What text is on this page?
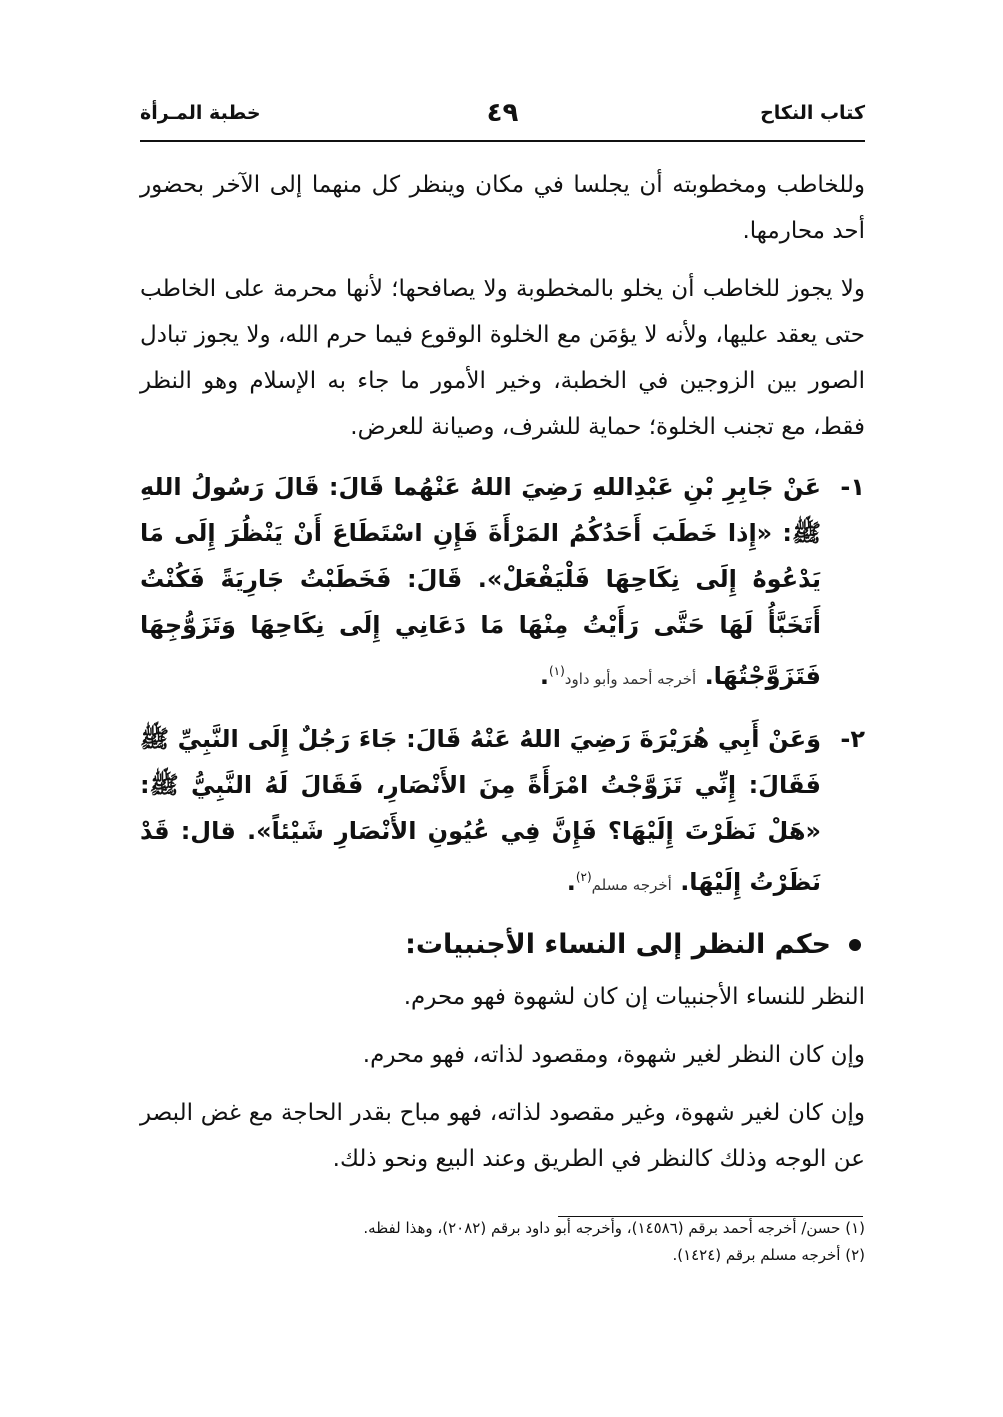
كتاب النكاح
٤٩
خطبة المـرأة

وللخاطب ومخطوبته أن يجلسا في مكان وينظر كل منهما إلى الآخر بحضور أحد محارمها.

ولا يجوز للخاطب أن يخلو بالمخطوبة ولا يصافحها؛ لأنها محرمة على الخاطب حتى يعقد عليها، ولأنه لا يؤمَن مع الخلوة الوقوع فيما حرم الله، ولا يجوز تبادل الصور بين الزوجين في الخطبة، وخير الأمور ما جاء به الإسلام وهو النظر فقط، مع تجنب الخلوة؛ حماية للشرف، وصيانة للعرض.

١-
عَنْ جَابِرِ بْنِ عَبْدِاللهِ رَضِيَ اللهُ عَنْهُما قَالَ: قَالَ رَسُولُ اللهِ ﷺ: «إِذا خَطَبَ أَحَدُكُمُ المَرْأَةَ فَإِنِ اسْتَطَاعَ أَنْ يَنْظُرَ إِلَى مَا يَدْعُوهُ إِلَى نِكَاحِهَا فَلْيَفْعَلْ». قَالَ: فَخَطَبْتُ جَارِيَةً فَكُنْتُ أَتَخَبَّأُ لَهَا حَتَّى رَأَيْتُ مِنْهَا مَا دَعَانِي إِلَى نِكَاحِهَا وَتَزَوُّجِهَا فَتَزَوَّجْتُهَا. أخرجه أحمد وأبو داود$^{(١)}$.
٢-
وَعَنْ أَبِي هُرَيْرَةَ رَضِيَ اللهُ عَنْهُ قَالَ: جَاءَ رَجُلٌ إِلَى النَّبِيِّ ﷺ فَقَالَ: إِنِّي تَزَوَّجْتُ امْرَأَةً مِنَ الأَنْصَارِ، فَقَالَ لَهُ النَّبِيُّ ﷺ: «هَلْ نَظَرْتَ إِلَيْهَا؟ فَإِنَّ فِي عُيُونِ الأَنْصَارِ شَيْئاً». قال: قَدْ نَظَرْتُ إِلَيْهَا. أخرجه مسلم$^{(٢)}$.
حكم النظر إلى النساء الأجنبيات:

النظر للنساء الأجنبيات إن كان لشهوة فهو محرم.

وإن كان النظر لغير شهوة، ومقصود لذاته، فهو محرم.

وإن كان لغير شهوة، وغير مقصود لذاته، فهو مباح بقدر الحاجة مع غض البصر عن الوجه وذلك كالنظر في الطريق وعند البيع ونحو ذلك.

(١) حسن/ أخرجه أحمد برقم (١٤٥٨٦)، وأخرجه أبو داود برقم (٢٠٨٢)، وهذا لفظه.

(٢) أخرجه مسلم برقم (١٤٢٤).
